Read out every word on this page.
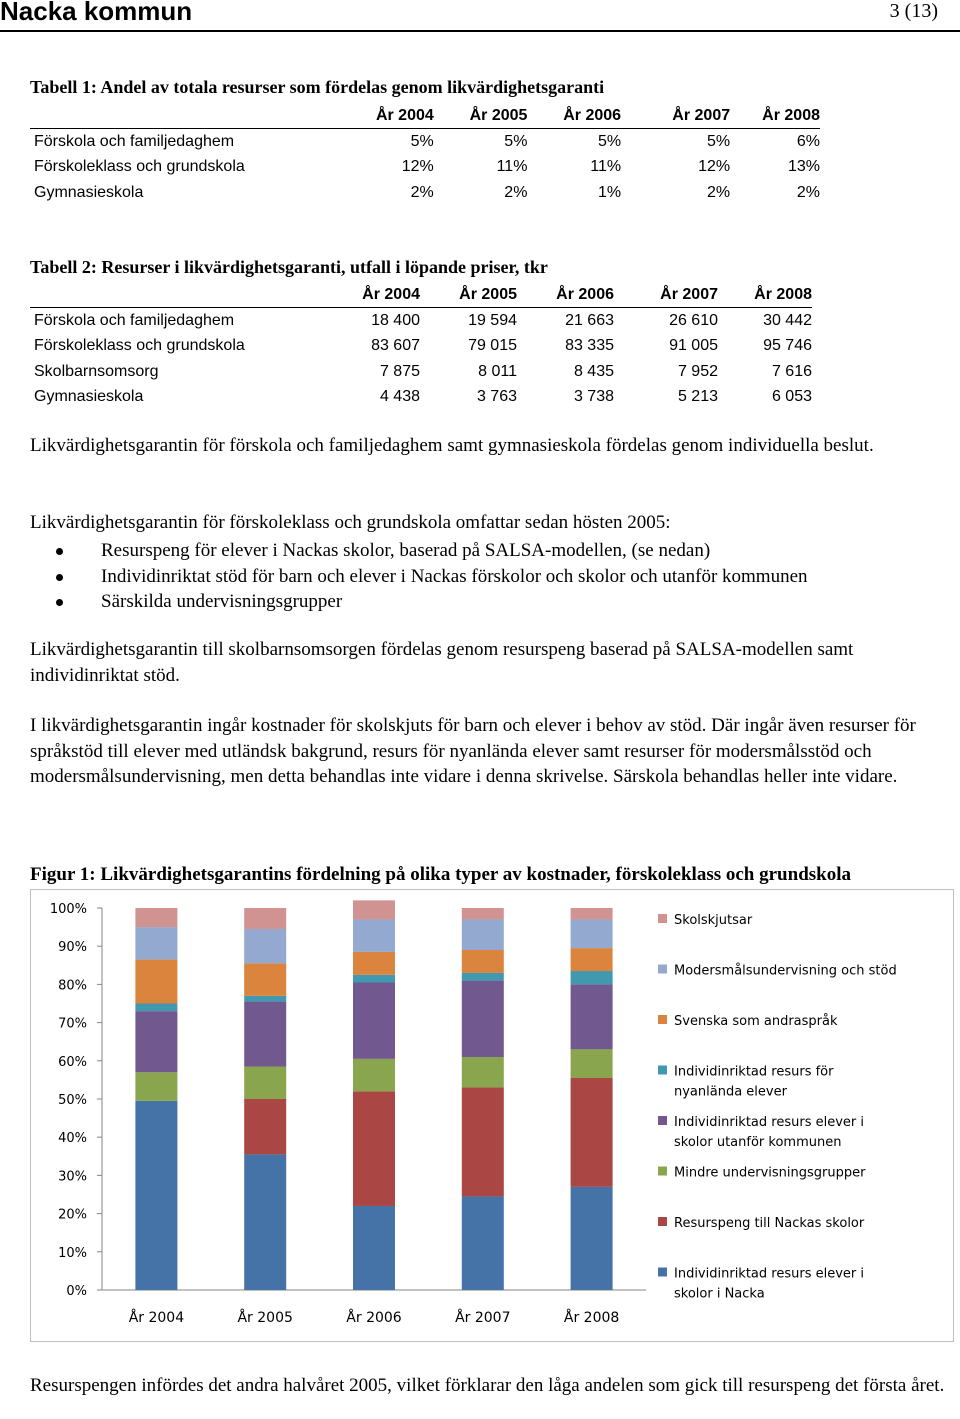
Nacka kommun	3 (13)
Tabell 1: Andel av totala resurser som fördelas genom likvärdighetsgaranti
	År 2004	År 2005	År 2006	År 2007	År 2008
Förskola och familjedaghem	5%	5%	5%	5%	6%
Förskoleklass och grundskola	12%	11%	11%	12%	13%
Gymnasieskola	2%	2%	1%	2%	2%
Tabell 2: Resurser i likvärdighetsgaranti, utfall i löpande priser, tkr
	År 2004	År 2005	År 2006	År 2007	År 2008
Förskola och familjedaghem	18 400	19 594	21 663	26 610	30 442
Förskoleklass och grundskola	83 607	79 015	83 335	91 005	95 746
Skolbarnsomsorg	7 875	8 011	8 435	7 952	7 616
Gymnasieskola	4 438	3 763	3 738	5 213	6 053

Likvärdighetsgarantin för förskola och familjedaghem samt gymnasieskola fördelas genom individuella beslut.

Likvärdighetsgarantin för förskoleklass och grundskola omfattar sedan hösten 2005:

Resurspeng för elever i Nackas skolor, baserad på SALSA-modellen, (se nedan)
Individinriktat stöd för barn och elever i Nackas förskolor och skolor och utanför kommunen
Särskilda undervisningsgrupper

Likvärdighetsgarantin till skolbarnsomsorgen fördelas genom resurspeng baserad på SALSA-modellen samt individinriktat stöd.

I likvärdighetsgarantin ingår kostnader för skolskjuts för barn och elever i behov av stöd. Där ingår även resurser för språkstöd till elever med utländsk bakgrund, resurs för nyanlända elever samt resurser för modersmålsstöd och modersmålsundervisning, men detta behandlas inte vidare i denna skrivelse. Särskola behandlas heller inte vidare.

Figur 1: Likvärdighetsgarantins fördelning på olika typer av kostnader, förskoleklass och grundskola
0%
10%
20%
30%
40%
50%
60%
70%
80%
90%
100%
År 2004	År 2005	År 2006	År 2007	År 2008
Skolskjutsar
Modersmålsundervisning och stöd
Svenska som andraspråk
Individinriktad resurs för nyanlända elever
Individinriktad resurs elever i skolor utanför kommunen
Mindre undervisningsgrupper
Resurspeng till Nackas skolor
Individinriktad resurs elever i skolor i Nacka

Resurspengen infördes det andra halvåret 2005, vilket förklarar den låga andelen som gick till resurspeng det första året.
